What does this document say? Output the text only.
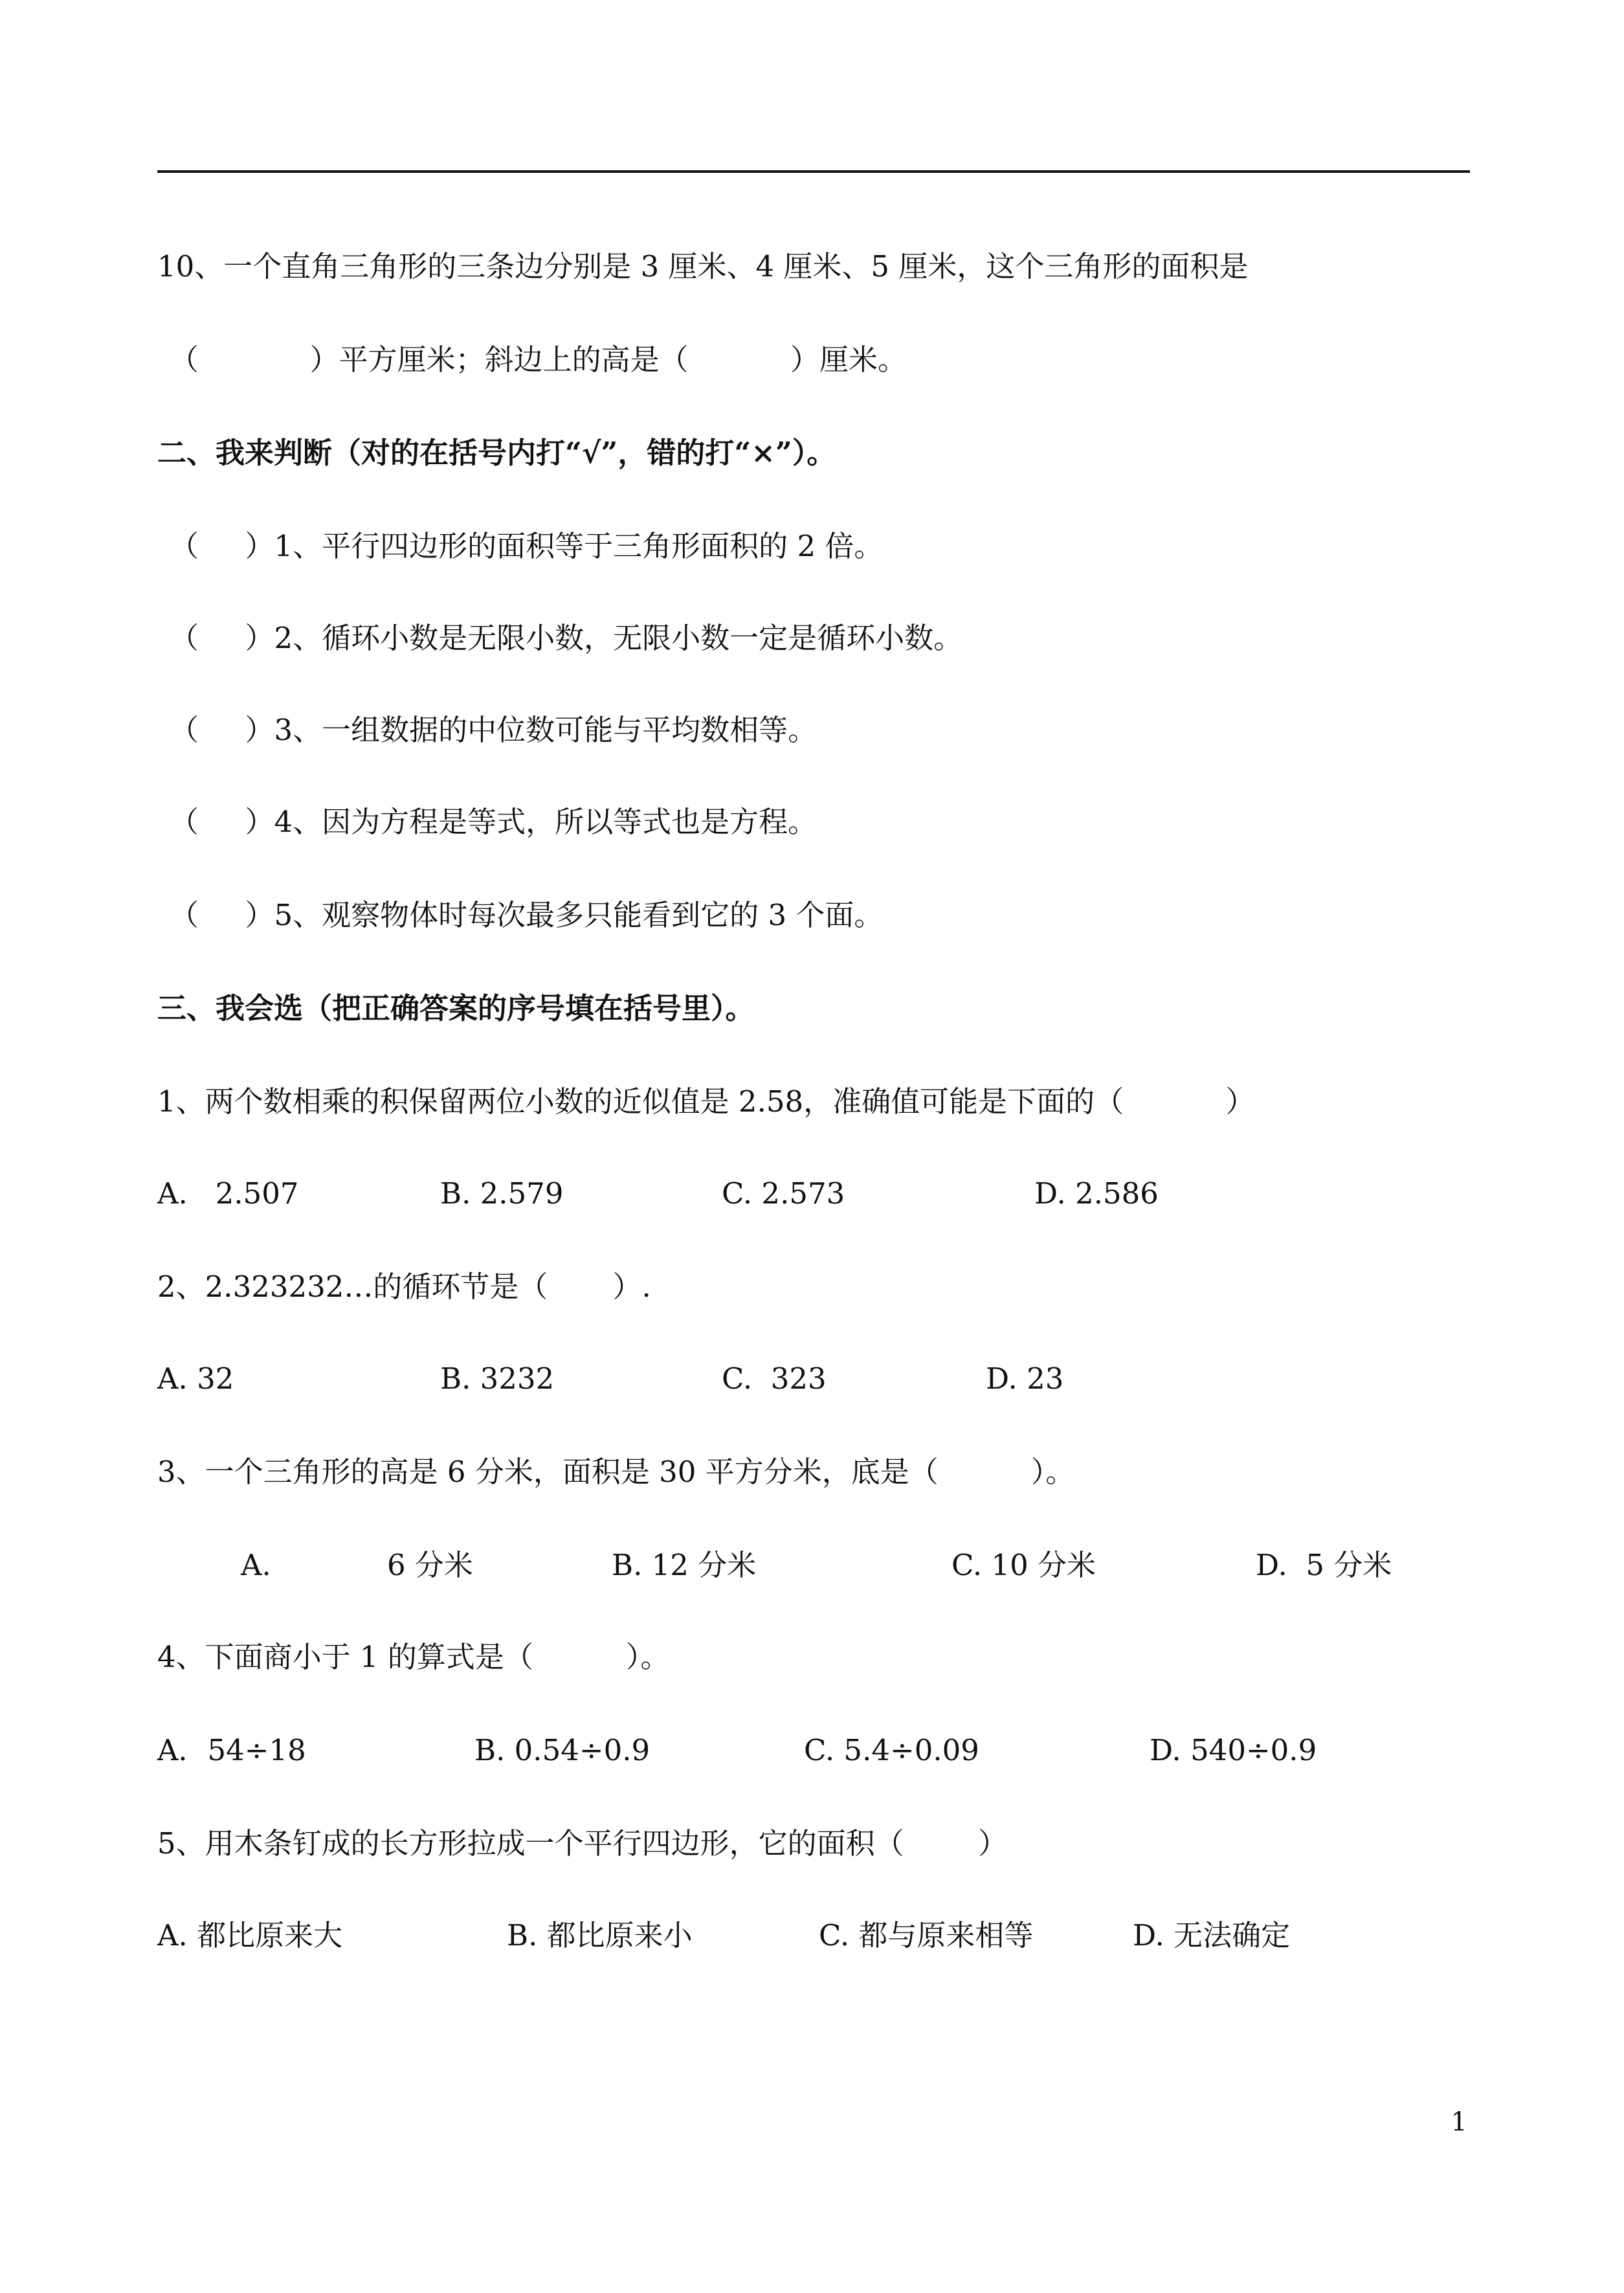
10、一个直角三角形的三条边分别是 3 厘米、4 厘米、5 厘米，这个三角形的面积是
（            ）平方厘米；斜边上的高是（           ）厘米。
二、我来判断（对的在括号内打“√”，错的打“×”）。
（     ）1、平行四边形的面积等于三角形面积的 2 倍。
（     ）2、循环小数是无限小数，无限小数一定是循环小数。
（     ）3、一组数据的中位数可能与平均数相等。
（     ）4、因为方程是等式，所以等式也是方程。
（     ）5、观察物体时每次最多只能看到它的 3 个面。
三、我会选（把正确答案的序号填在括号里）。
1、两个数相乘的积保留两位小数的近似值是 2.58，准确值可能是下面的（           ）
A.   2.507	B. 2.579	C. 2.573	D. 2.586
2、2.323232…的循环节是（       ）.
A. 32	B. 3232	C.  323	D. 23
3、一个三角形的高是 6 分米，面积是 30 平方分米，底是（          ）。
A.	6 分米	B. 12 分米	C. 10 分米	D.  5 分米
4、下面商小于 1 的算式是（          ）。
A．54÷18	B. 0.54÷0.9	C. 5.4÷0.09	D. 540÷0.9
5、用木条钉成的长方形拉成一个平行四边形，它的面积（        ）
A. 都比原来大	B. 都比原来小	C. 都与原来相等	D. 无法确定
1
